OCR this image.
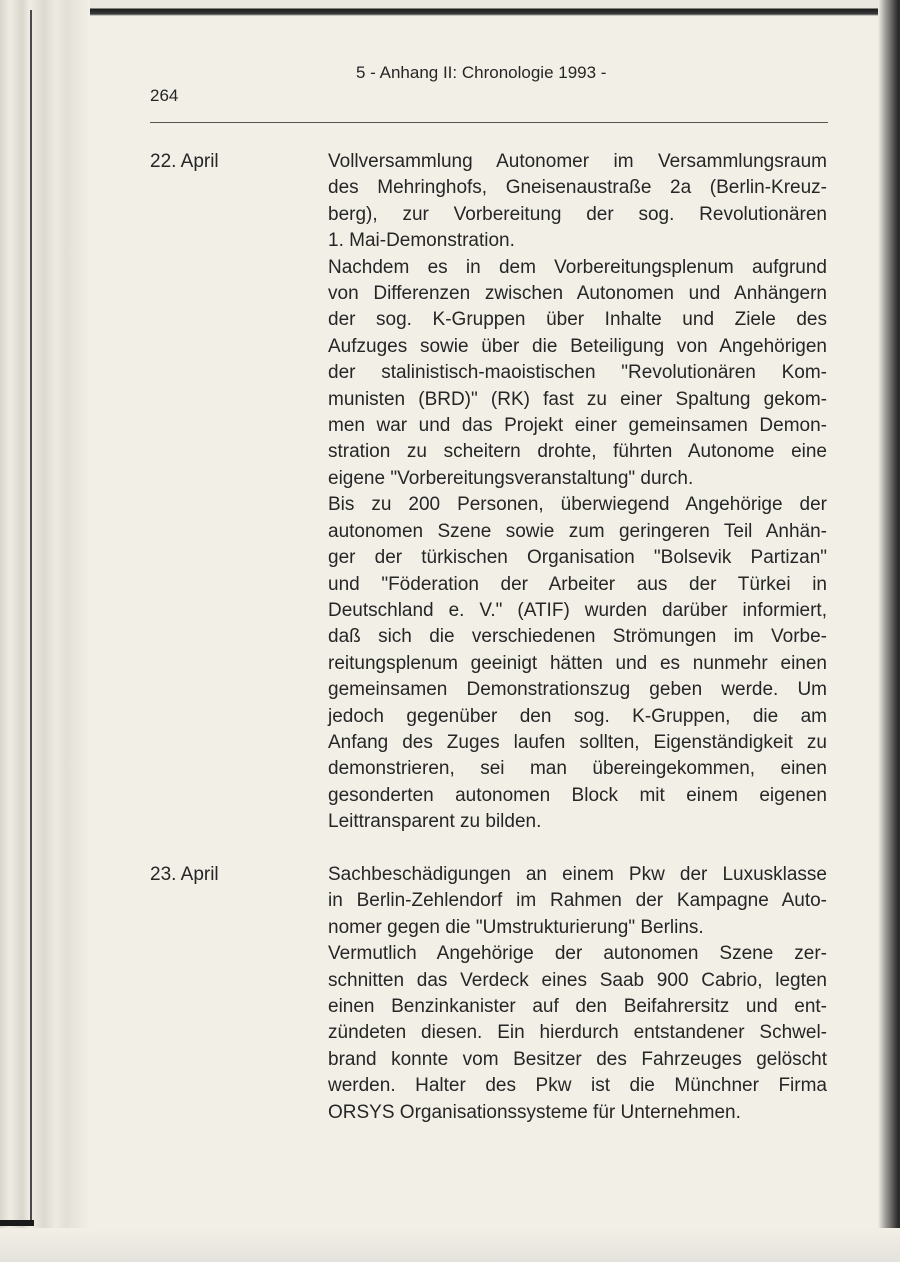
5 - Anhang II: Chronologie 1993 -
264
22. April	Vollversammlung Autonomer im Versammlungsraum
des Mehringhofs, Gneisenaustraße 2a (Berlin-Kreuz-
berg), zur Vorbereitung der sog. Revolutionären
1. Mai-Demonstration.
Nachdem es in dem Vorbereitungsplenum aufgrund
von Differenzen zwischen Autonomen und Anhängern
der sog. K-Gruppen über Inhalte und Ziele des
Aufzuges sowie über die Beteiligung von Angehörigen
der stalinistisch-maoistischen "Revolutionären Kom-
munisten (BRD)" (RK) fast zu einer Spaltung gekom-
men war und das Projekt einer gemeinsamen Demon-
stration zu scheitern drohte, führten Autonome eine
eigene "Vorbereitungsveranstaltung" durch.
Bis zu 200 Personen, überwiegend Angehörige der
autonomen Szene sowie zum geringeren Teil Anhän-
ger der türkischen Organisation "Bolsevik Partizan"
und "Föderation der Arbeiter aus der Türkei in
Deutschland e. V." (ATIF) wurden darüber informiert,
daß sich die verschiedenen Strömungen im Vorbe-
reitungsplenum geeinigt hätten und es nunmehr einen
gemeinsamen Demonstrationszug geben werde. Um
jedoch gegenüber den sog. K-Gruppen, die am
Anfang des Zuges laufen sollten, Eigenständigkeit zu
demonstrieren, sei man übereingekommen, einen
gesonderten autonomen Block mit einem eigenen
Leittransparent zu bilden.
23. April	Sachbeschädigungen an einem Pkw der Luxusklasse
in Berlin-Zehlendorf im Rahmen der Kampagne Auto-
nomer gegen die "Umstrukturierung" Berlins.
Vermutlich Angehörige der autonomen Szene zer-
schnitten das Verdeck eines Saab 900 Cabrio, legten
einen Benzinkanister auf den Beifahrersitz und ent-
zündeten diesen. Ein hierdurch entstandener Schwel-
brand konnte vom Besitzer des Fahrzeuges gelöscht
werden. Halter des Pkw ist die Münchner Firma
ORSYS Organisationssysteme für Unternehmen.
